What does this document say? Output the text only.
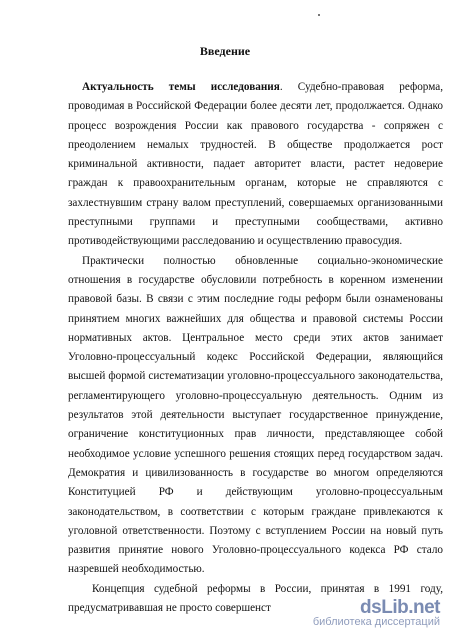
Введение
Актуальность темы исследования. Судебно-правовая реформа,
проводимая в Российской Федерации более десяти лет, продолжается. Однако
процесс возрождения России как правового государства - сопряжен с
преодолением немалых трудностей. В обществе продолжается рост
криминальной активности, падает авторитет власти, растет недоверие
граждан к правоохранительным органам, которые не справляются с
захлестнувшим страну валом преступлений, совершаемых организованными
преступными группами и преступными сообществами, активно
противодействующими расследованию и осуществлению правосудия.
Практически полностью обновленные социально-экономические
отношения в государстве обусловили потребность в коренном изменении
правовой базы. В связи с этим последние годы реформ были ознаменованы
принятием многих важнейших для общества и правовой системы России
нормативных актов. Центральное место среди этих актов занимает
Уголовно-процессуальный кодекс Российской Федерации, являющийся
высшей формой систематизации уголовно-процессуального законодательства,
регламентирующего уголовно-процессуальную деятельность. Одним из
результатов этой деятельности выступает государственное принуждение,
ограничение конституционных прав личности, представляющее собой
необходимое условие успешного решения стоящих перед государством задач.
Демократия и цивилизованность в государстве во многом определяются
Конституцией РФ и действующим уголовно-процессуальным
законодательством, в соответствии с которым граждане привлекаются к
уголовной ответственности. Поэтому с вступлением России на новый путь
развития принятие нового Уголовно-процессуального кодекса РФ стало
назревшей необходимостью.
Концепция судебной реформы в России, принятая в 1991 году,
предусматривавшая не просто совершенст	dsLib.net
библиотека диссертаций
